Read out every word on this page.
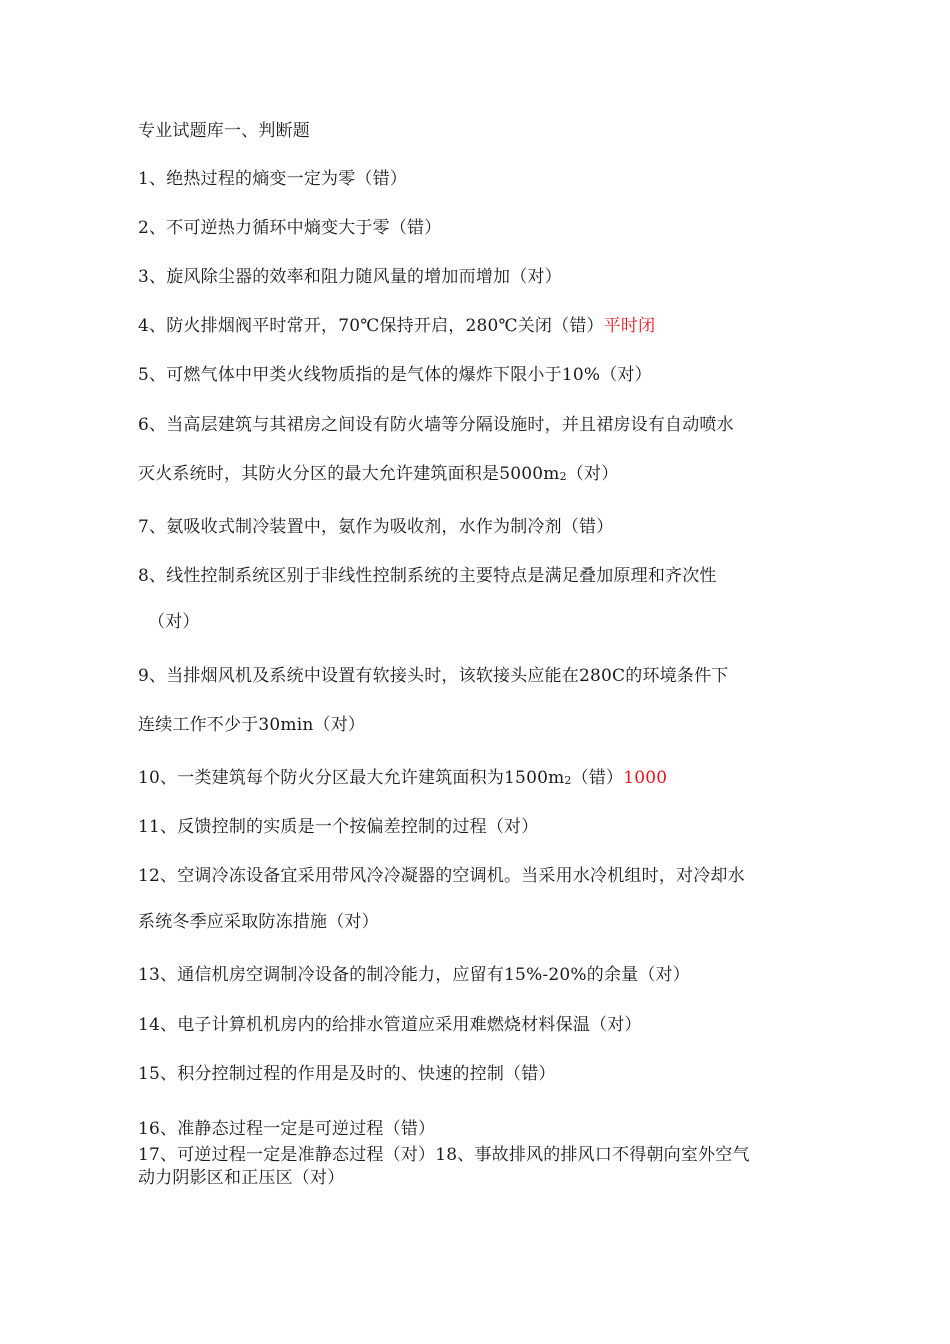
专业试题库一、判断题
1、绝热过程的熵变一定为零（错）
2、不可逆热力循环中熵变大于零（错）
3、旋风除尘器的效率和阻力随风量的增加而增加（对）
4、防火排烟阀平时常开，70℃保持开启，280℃关闭（错）平时闭
5、可燃气体中甲类火线物质指的是气体的爆炸下限小于10%（对）
6、当高层建筑与其裙房之间设有防火墙等分隔设施时，并且裙房设有自动喷水
灭火系统时，其防火分区的最大允许建筑面积是$5000m_2$（对）
7、氨吸收式制冷装置中，氨作为吸收剂，水作为制冷剂（错）
8、线性控制系统区别于非线性控制系统的主要特点是满足叠加原理和齐次性
（对）
9、当排烟风机及系统中设置有软接头时，该软接头应能在280C的环境条件下
连续工作不少于30min（对）
10、一类建筑每个防火分区最大允许建筑面积为$1500m_2$（错）1000
11、反馈控制的实质是一个按偏差控制的过程（对）
12、空调冷冻设备宜采用带风冷冷凝器的空调机。当采用水冷机组时，对冷却水
系统冬季应采取防冻措施（对）
13、通信机房空调制冷设备的制冷能力，应留有15%-20%的余量（对）
14、电子计算机机房内的给排水管道应采用难燃烧材料保温（对）
15、积分控制过程的作用是及时的、快速的控制（错）
16、准静态过程一定是可逆过程（错）
17、可逆过程一定是准静态过程（对）18、事故排风的排风口不得朝向室外空气
动力阴影区和正压区（对）
